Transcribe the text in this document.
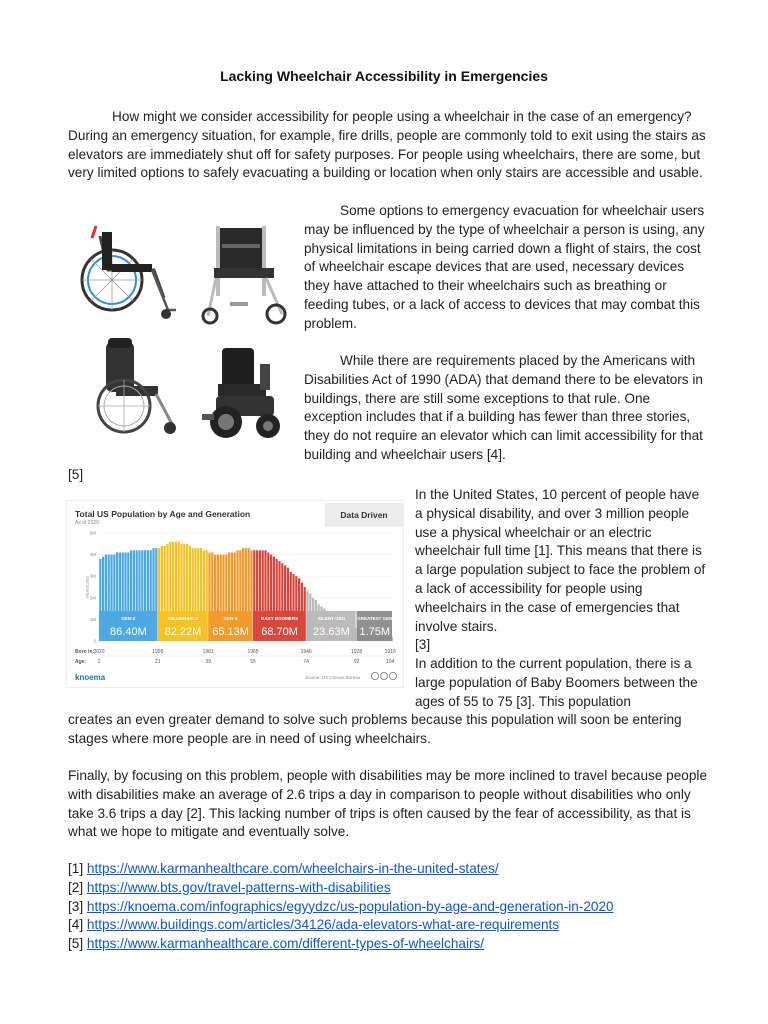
Lacking Wheelchair Accessibility in Emergencies

How might we consider accessibility for people using a wheelchair in the case of an emergency? During an emergency situation, for example, fire drills, people are commonly told to exit using the stairs as elevators are immediately shut off for safety purposes. For people using wheelchairs, there are some, but very limited options to safely evacuating a building or location when only stairs are accessible and usable.

Some options to emergency evacuation for wheelchair users may be influenced by the type of wheelchair a person is using, any physical limitations in being carried down a flight of stairs, the cost of wheelchair escape devices that are used, necessary devices they have attached to their wheelchairs such as breathing or feeding tubes, or a lack of access to devices that may combat this problem.

While there are requirements placed by the Americans with Disabilities Act of 1990 (ADA) that demand there to be elevators in buildings, there are still some exceptions to that rule. One exception includes that if a building has fewer than three stories, they do not require an elevator which can limit accessibility for that building and wheelchair users [4].

[5]
Total US Population by Age and Generation
As of 2020
Data Driven
PERSONS
5M
4M
3M
2M
1M
0
GEN-Z
86.40M
MILLENNIALS
82.22M
GEN-X
65.13M
BABY BOOMERS
68.70M
SILENT GEN
23.63M
GREATEST GEN
1.75M
Born in:
Age:
2020
1
1999
21
1981
39
1965
55
1946
74
1928
92
1916
104
knoema	Source: US Census Bureau

In the United States, 10 percent of people have a physical disability, and over 3 million people use a physical wheelchair or an electric wheelchair full time [1]. This means that there is a large population subject to face the problem of a lack of accessibility for people using wheelchairs in the case of emergencies that involve stairs.

[3]

In addition to the current population, there is a large population of Baby Boomers between the ages of 55 to 75 [3]. This population

creates an even greater demand to solve such problems because this population will soon be entering stages where more people are in need of using wheelchairs.

Finally, by focusing on this problem, people with disabilities may be more inclined to travel because people with disabilities make an average of 2.6 trips a day in comparison to people without disabilities who only take 3.6 trips a day [2]. This lacking number of trips is often caused by the fear of accessibility, as that is what we hope to mitigate and eventually solve.

[1] https://www.karmanhealthcare.com/wheelchairs-in-the-united-states/
[2] https://www.bts.gov/travel-patterns-with-disabilities
[3] https://knoema.com/infographics/egyydzc/us-population-by-age-and-generation-in-2020
[4] https://www.buildings.com/articles/34126/ada-elevators-what-are-requirements
[5] https://www.karmanhealthcare.com/different-types-of-wheelchairs/
